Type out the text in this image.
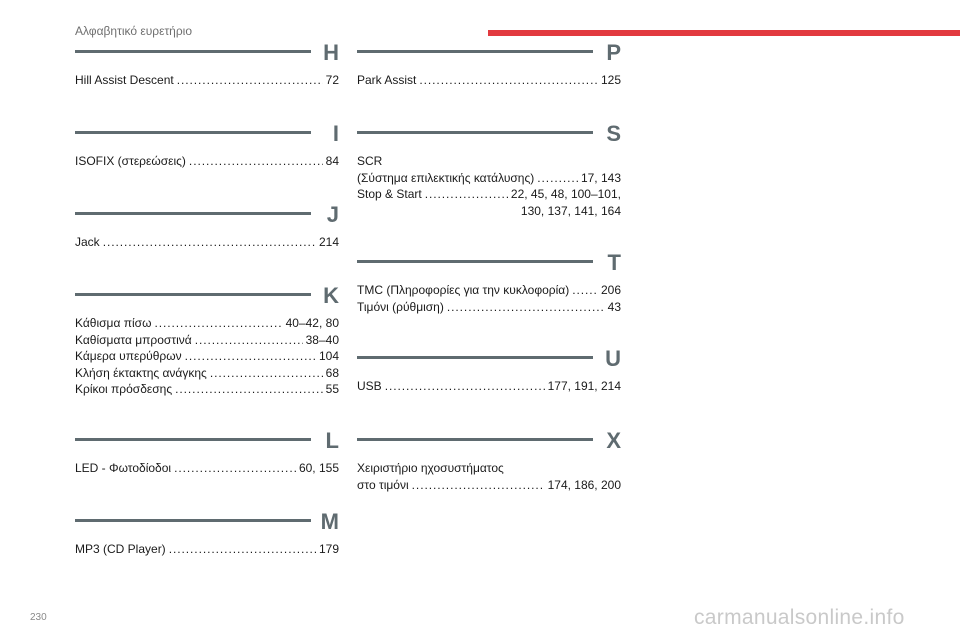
Αλφαβητικό ευρετήριο
H
Hill Assist Descent . . .	72
I
ISOFIX (στερεώσεις) . . .	84
J
Jack . . .	214
K
Κάθισμα πίσω . . .	40–42, 80
Καθίσματα μπροστινά . . .	38–40
Κάμερα υπερύθρων . . .	104
Κλήση έκτακτης ανάγκης . . .	68
Κρίκοι πρόσδεσης . . .	55
L
LED - Φωτοδίοδοι . . .	60, 155
M
MP3 (CD Player) . . .	179
P
Park Assist . . .	125
S
SCR
(Σύστημα επιλεκτικής κατάλυσης) . . .	17, 143
Stop & Start . . .	22, 45, 48, 100–101,
130, 137, 141, 164
T
TMC (Πληροφορίες για την κυκλοφορία) . . .	206
Τιμόνι (ρύθμιση) . . .	43
U
USB . . .	177, 191, 214
X
Χειριστήριο ηχοσυστήματος
στο τιμόνι . . .	174, 186, 200
230	carmanualsonline.info
